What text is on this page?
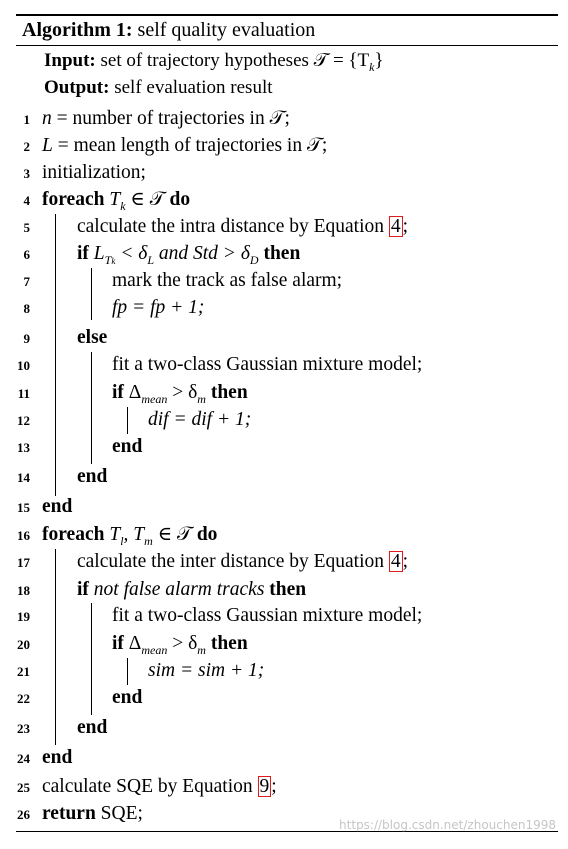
Algorithm 1: self quality evaluation
Input: set of trajectory hypotheses 𝒯 = $\{T_k\}$
Output: self evaluation result
1 n = number of trajectories in 𝒯;
2 L = mean length of trajectories in 𝒯;
3 initialization;
4 foreach $T_k$ ∈ 𝒯 do
5 calculate the intra distance by Equation 4 ;
6 if $L_{Tk} < \delta_L$ and Std > $\delta_D$ then
7	mark the track as false alarm;
8	fp = fp + 1;
9 else
10	fit a two-class Gaussian mixture model;
11	if $\Delta_{mean} > \delta_m$ then
12	dif = dif + 1;
13	end
14 end
15 end
16 foreach $T_l$, $T_m$ ∈ 𝒯 do
17 calculate the inter distance by Equation 4 ;
18 if not false alarm tracks then
19	fit a two-class Gaussian mixture model;
20	if $\Delta_{mean} > \delta_m$ then
21	sim = sim + 1;
22	end
23 end
24 end
25 calculate SQE by Equation 9 ;
26 return SQE;
https://blog.csdn.net/zhouchen1998
